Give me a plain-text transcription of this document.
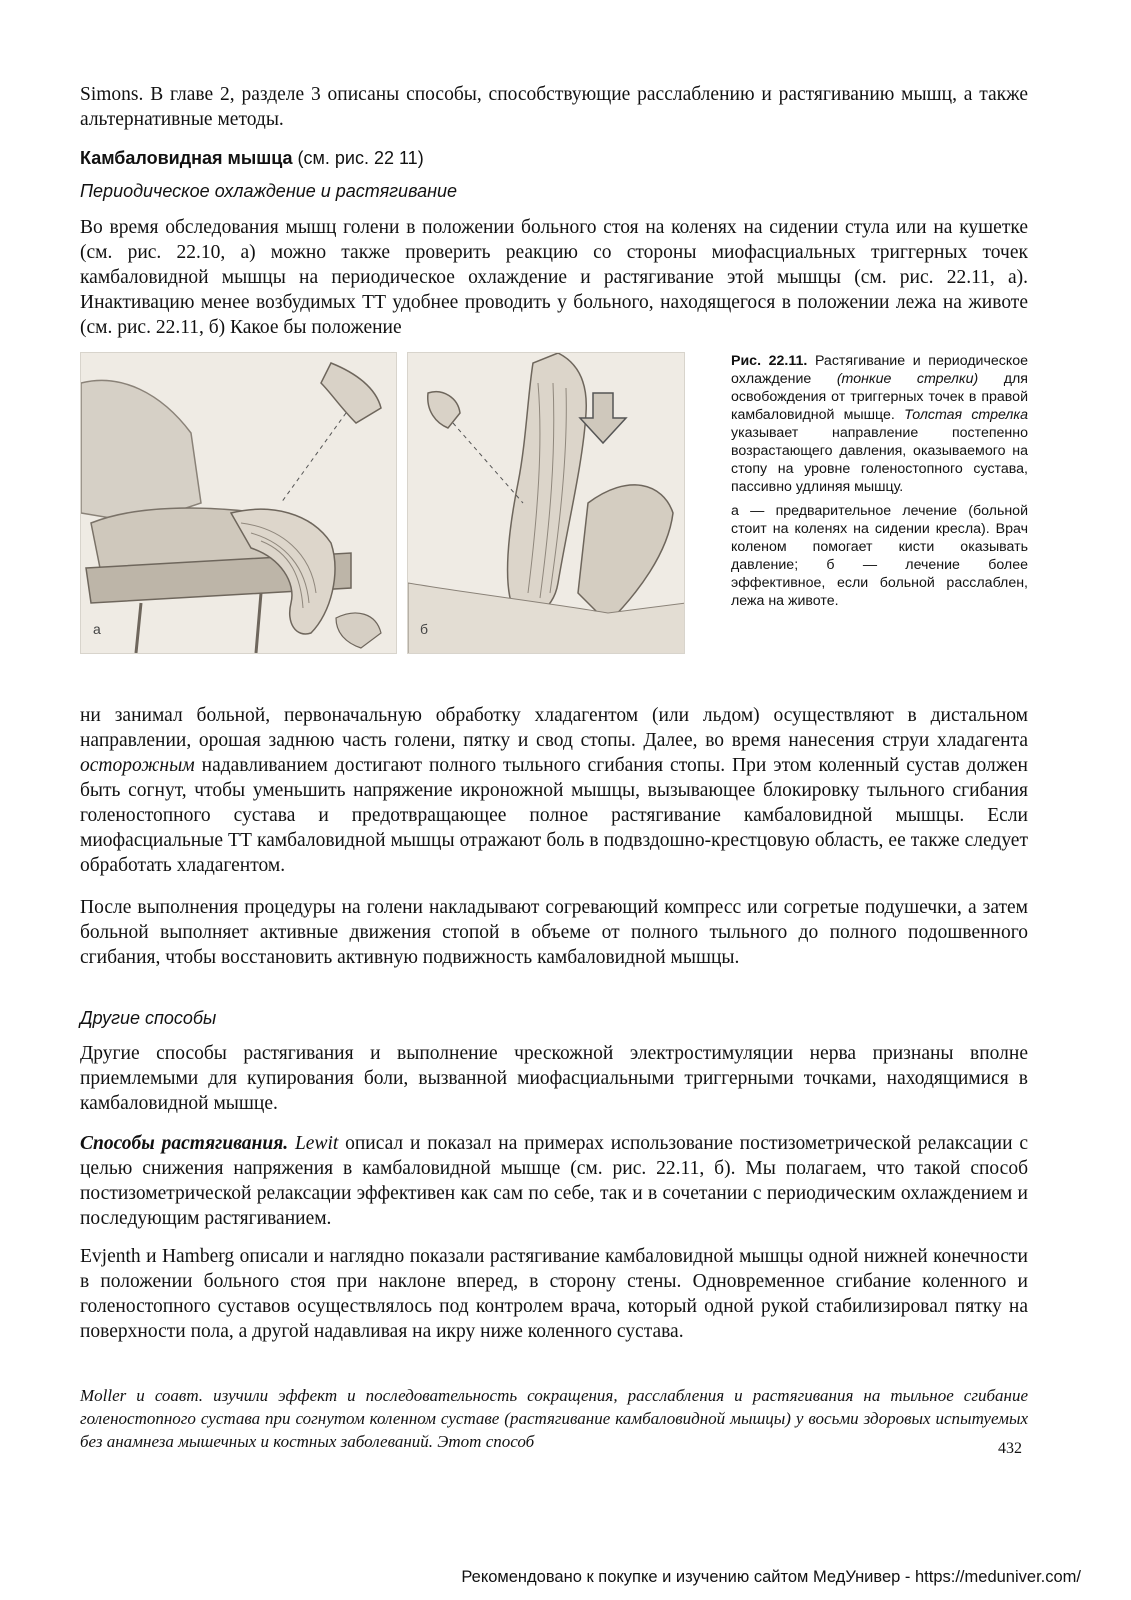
Simons. В главе 2, разделе 3 описаны способы, способствующие расслаблению и растягиванию мышц, а также альтернативные методы.

Камбаловидная мышца (см. рис. 22 11)
Периодическое охлаждение и растягивание

Во время обследования мышц голени в положении больного стоя на коленях на сидении стула или на кушетке (см. рис. 22.10, а) можно также проверить реакцию со стороны миофасциальных триггерных точек камбаловидной мышцы на периодическое охлаждение и растягивание этой мышцы (см. рис. 22.11, а). Инактивацию менее возбудимых ТТ удобнее проводить у больного, находящегося в положении лежа на животе (см. рис. 22.11, б) Какое бы положение

а	б

Рис. 22.11. Растягивание и периодическое охлаждение (тонкие стрелки) для освобождения от триггерных точек в правой камбаловидной мышце. Толстая стрелка указывает направление постепенно возрастающего давления, оказываемого на стопу на уровне голеностопного сустава, пассивно удлиняя мышцу.

а — предварительное лечение (больной стоит на коленях на сидении кресла). Врач коленом помогает кисти оказывать давление; б — лечение более эффективное, если больной расслаблен, лежа на животе.

ни занимал больной, первоначальную обработку хладагентом (или льдом) осуществляют в дистальном направлении, орошая заднюю часть голени, пятку и свод стопы. Далее, во время нанесения струи хладагента осторожным надавливанием достигают полного тыльного сгибания стопы. При этом коленный сустав должен быть согнут, чтобы уменьшить напряжение икроножной мышцы, вызывающее блокировку тыльного сгибания голеностопного сустава и предотвращающее полное растягивание камбаловидной мышцы. Если миофасциальные ТТ камбаловидной мышцы отражают боль в подвздошно-крестцовую область, ее также следует обработать хладагентом.

После выполнения процедуры на голени накладывают согревающий компресс или согретые подушечки, а затем больной выполняет активные движения стопой в объеме от полного тыльного до полного подошвенного сгибания, чтобы восстановить активную подвижность камбаловидной мышцы.

Другие способы

Другие способы растягивания и выполнение чрескожной электростимуляции нерва признаны вполне приемлемыми для купирования боли, вызванной миофасциальными триггерными точками, находящимися в камбаловидной мышце.

Способы растягивания. Lewit описал и показал на примерах использование постизометрической релаксации с целью снижения напряжения в камбаловидной мышце (см. рис. 22.11, б). Мы полагаем, что такой способ постизометрической релаксации эффективен как сам по себе, так и в сочетании с периодическим охлаждением и последующим растягиванием.

Evjenth и Hamberg описали и наглядно показали растягивание камбаловидной мышцы одной нижней конечности в положении больного стоя при наклоне вперед, в сторону стены. Одновременное сгибание коленного и голеностопного суставов осуществлялось под контролем врача, который одной рукой стабилизировал пятку на поверхности пола, а другой надавливая на икру ниже коленного сустава.

Moller и соавт. изучили эффект и последовательность сокращения, расслабления и растягивания на тыльное сгибание голеностопного сустава при согнутом коленном суставе (растягивание камбаловидной мышцы) у восьми здоровых испытуемых без анамнеза мышечных и костных заболеваний. Этот способ	432
Рекомендовано к покупке и изучению сайтом МедУнивер - https://meduniver.com/
